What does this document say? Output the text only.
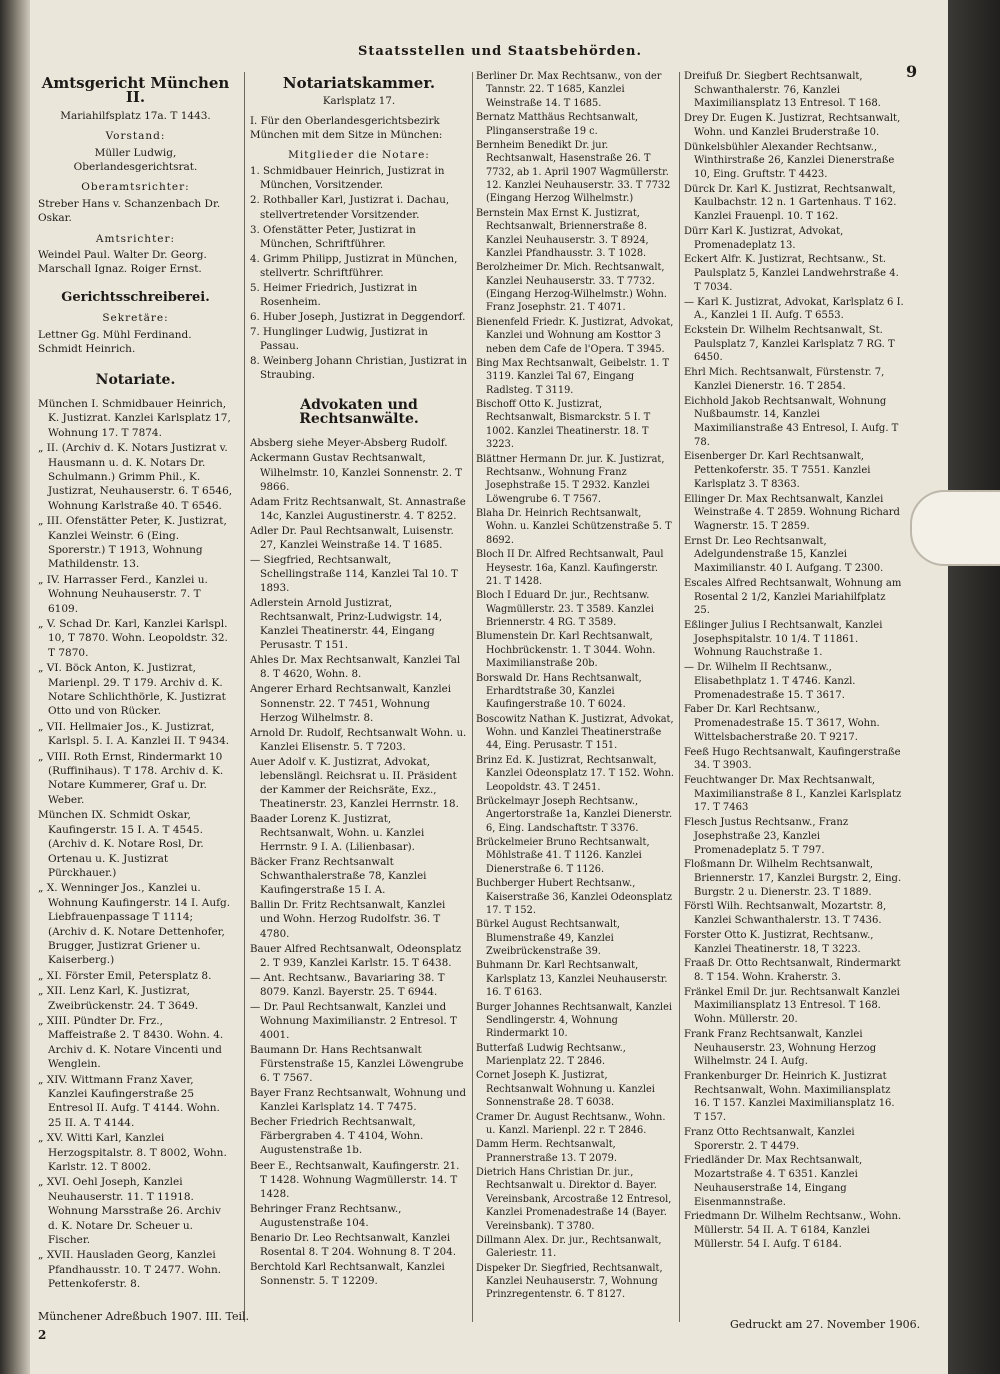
Staatsstellen und Staatsbehörden.
9
Amtsgericht München II.
Mariahilfsplatz 17a. T 1443.
Vorstand:
Müller Ludwig, Oberlandesgerichtsrat.
Oberamtsrichter:
Streber Hans v. Schanzenbach Dr. Oskar.
Amtsrichter:
Weindel Paul. Walter Dr. Georg. Marschall Ignaz. Roiger Ernst.
Gerichtsschreiberei.
Sekretäre:
Lettner Gg. Mühl Ferdinand. Schmidt Heinrich.
Notariate.
München I. Schmidbauer Heinrich, K. Justizrat. Kanzlei Karlsplatz 17, Wohnung 17. T 7874.
„ II. (Archiv d. K. Notars Justizrat v. Hausmann u. d. K. Notars Dr. Schulmann.) Grimm Phil., K. Justizrat, Neuhauserstr. 6. T 6546, Wohnung Karlstraße 40. T 6546.
„ III. Ofenstätter Peter, K. Justizrat, Kanzlei Weinstr. 6 (Eing. Sporerstr.) T 1913, Wohnung Mathildenstr. 13.
„ IV. Harrasser Ferd., Kanzlei u. Wohnung Neuhauserstr. 7. T 6109.
„ V. Schad Dr. Karl, Kanzlei Karlspl. 10, T 7870. Wohn. Leopoldstr. 32. T 7870.
„ VI. Böck Anton, K. Justizrat, Marienpl. 29. T 179. Archiv d. K. Notare Schlichthörle, K. Justizrat Otto und von Rücker.
„ VII. Hellmaier Jos., K. Justizrat, Karlspl. 5. I. A. Kanzlei II. T 9434.
„ VIII. Roth Ernst, Rindermarkt 10 (Ruffinihaus). T 178. Archiv d. K. Notare Kummerer, Graf u. Dr. Weber.
München IX. Schmidt Oskar, Kaufingerstr. 15 I. A. T 4545. (Archiv d. K. Notare Rosl, Dr. Ortenau u. K. Justizrat Pürckhauer.)
„ X. Wenninger Jos., Kanzlei u. Wohnung Kaufingerstr. 14 I. Aufg. Liebfrauenpassage T 1114; (Archiv d. K. Notare Dettenhofer, Brugger, Justizrat Griener u. Kaiserberg.)
„ XI. Förster Emil, Petersplatz 8.
„ XII. Lenz Karl, K. Justizrat, Zweibrückenstr. 24. T 3649.
„ XIII. Pündter Dr. Frz., Maffeistraße 2. T 8430. Wohn. 4. Archiv d. K. Notare Vincenti und Wenglein.
„ XIV. Wittmann Franz Xaver, Kanzlei Kaufingerstraße 25 Entresol II. Aufg. T 4144. Wohn. 25 II. A. T 4144.
„ XV. Witti Karl, Kanzlei Herzogspitalstr. 8. T 8002, Wohn. Karlstr. 12. T 8002.
„ XVI. Oehl Joseph, Kanzlei Neuhauserstr. 11. T 11918. Wohnung Marsstraße 26. Archiv d. K. Notare Dr. Scheuer u. Fischer.
„ XVII. Hausladen Georg, Kanzlei Pfandhausstr. 10. T 2477. Wohn. Pettenkoferstr. 8.
Notariatskammer.
Karlsplatz 17.
I. Für den Oberlandesgerichtsbezirk München mit dem Sitze in München:
Mitglieder die Notare:
1. Schmidbauer Heinrich, Justizrat in München, Vorsitzender.
2. Rothballer Karl, Justizrat i. Dachau, stellvertretender Vorsitzender.
3. Ofenstätter Peter, Justizrat in München, Schriftführer.
4. Grimm Philipp, Justizrat in München, stellvertr. Schriftführer.
5. Heimer Friedrich, Justizrat in Rosenheim.
6. Huber Joseph, Justizrat in Deggendorf.
7. Hunglinger Ludwig, Justizrat in Passau.
8. Weinberg Johann Christian, Justizrat in Straubing.
Advokaten und Rechtsanwälte.
Absberg siehe Meyer-Absberg Rudolf.
Ackermann Gustav Rechtsanwalt, Wilhelmstr. 10, Kanzlei Sonnenstr. 2. T 9866.
Adam Fritz Rechtsanwalt, St. Annastraße 14c, Kanzlei Augustinerstr. 4. T 8252.
Adler Dr. Paul Rechtsanwalt, Luisenstr. 27, Kanzlei Weinstraße 14. T 1685.
— Siegfried, Rechtsanwalt, Schellingstraße 114, Kanzlei Tal 10. T 1893.
Adlerstein Arnold Justizrat, Rechtsanwalt, Prinz-Ludwigstr. 14, Kanzlei Theatinerstr. 44, Eingang Perusastr. T 151.
Ahles Dr. Max Rechtsanwalt, Kanzlei Tal 8. T 4620, Wohn. 8.
Angerer Erhard Rechtsanwalt, Kanzlei Sonnenstr. 22. T 7451, Wohnung Herzog Wilhelmstr. 8.
Arnold Dr. Rudolf, Rechtsanwalt Wohn. u. Kanzlei Elisenstr. 5. T 7203.
Auer Adolf v. K. Justizrat, Advokat, lebenslängl. Reichsrat u. II. Präsident der Kammer der Reichsräte, Exz., Theatinerstr. 23, Kanzlei Herrnstr. 18.
Baader Lorenz K. Justizrat, Rechtsanwalt, Wohn. u. Kanzlei Herrnstr. 9 I. A. (Lilienbasar).
Bäcker Franz Rechtsanwalt Schwanthalerstraße 78, Kanzlei Kaufingerstraße 15 I. A.
Ballin Dr. Fritz Rechtsanwalt, Kanzlei und Wohn. Herzog Rudolfstr. 36. T 4780.
Bauer Alfred Rechtsanwalt, Odeonsplatz 2. T 939, Kanzlei Karlstr. 15. T 6438.
— Ant. Rechtsanw., Bavariaring 38. T 8079. Kanzl. Bayerstr. 25. T 6944.
— Dr. Paul Rechtsanwalt, Kanzlei und Wohnung Maximilianstr. 2 Entresol. T 4001.
Baumann Dr. Hans Rechtsanwalt Fürstenstraße 15, Kanzlei Löwengrube 6. T 7567.
Bayer Franz Rechtsanwalt, Wohnung und Kanzlei Karlsplatz 14. T 7475.
Becher Friedrich Rechtsanwalt, Färbergraben 4. T 4104, Wohn. Augustenstraße 1b.
Beer E., Rechtsanwalt, Kaufingerstr. 21. T 1428. Wohnung Wagmüllerstr. 14. T 1428.
Behringer Franz Rechtsanw., Augustenstraße 104.
Benario Dr. Leo Rechtsanwalt, Kanzlei Rosental 8. T 204. Wohnung 8. T 204.
Berchtold Karl Rechtsanwalt, Kanzlei Sonnenstr. 5. T 12209.
Berliner Dr. Max Rechtsanw., von der Tannstr. 22. T 1685, Kanzlei Weinstraße 14. T 1685.
Bernatz Matthäus Rechtsanwalt, Plinganserstraße 19 c.
Bernheim Benedikt Dr. jur. Rechtsanwalt, Hasenstraße 26. T 7732, ab 1. April 1907 Wagmüllerstr. 12. Kanzlei Neuhauserstr. 33. T 7732 (Eingang Herzog Wilhelmstr.)
Bernstein Max Ernst K. Justizrat, Rechtsanwalt, Briennerstraße 8. Kanzlei Neuhauserstr. 3. T 8924, Kanzlei Pfandhausstr. 3. T 1028.
Berolzheimer Dr. Mich. Rechtsanwalt, Kanzlei Neuhauserstr. 33. T 7732. (Eingang Herzog-Wilhelmstr.) Wohn. Franz Josephstr. 21. T 4071.
Bienenfeld Friedr. K. Justizrat, Advokat, Kanzlei und Wohnung am Kosttor 3 neben dem Cafe de l'Opera. T 3945.
Bing Max Rechtsanwalt, Geibelstr. 1. T 3119. Kanzlei Tal 67, Eingang Radlsteg. T 3119.
Bischoff Otto K. Justizrat, Rechtsanwalt, Bismarckstr. 5 I. T 1002. Kanzlei Theatinerstr. 18. T 3223.
Blättner Hermann Dr. jur. K. Justizrat, Rechtsanw., Wohnung Franz Josephstraße 15. T 2932. Kanzlei Löwengrube 6. T 7567.
Blaha Dr. Heinrich Rechtsanwalt, Wohn. u. Kanzlei Schützenstraße 5. T 8692.
Bloch II Dr. Alfred Rechtsanwalt, Paul Heysestr. 16a, Kanzl. Kaufingerstr. 21. T 1428.
Bloch I Eduard Dr. jur., Rechtsanw. Wagmüllerstr. 23. T 3589. Kanzlei Briennerstr. 4 RG. T 3589.
Blumenstein Dr. Karl Rechtsanwalt, Hochbrückenstr. 1. T 3044. Wohn. Maximilianstraße 20b.
Borswald Dr. Hans Rechtsanwalt, Erhardtstraße 30, Kanzlei Kaufingerstraße 10. T 6024.
Boscowitz Nathan K. Justizrat, Advokat, Wohn. und Kanzlei Theatinerstraße 44, Eing. Perusastr. T 151.
Brinz Ed. K. Justizrat, Rechtsanwalt, Kanzlei Odeonsplatz 17. T 152. Wohn. Leopoldstr. 43. T 2451.
Brückelmayr Joseph Rechtsanw., Angertorstraße 1a, Kanzlei Dienerstr. 6, Eing. Landschaftstr. T 3376.
Brückelmeier Bruno Rechtsanwalt, Möhlstraße 41. T 1126. Kanzlei Dienerstraße 6. T 1126.
Buchberger Hubert Rechtsanw., Kaiserstraße 36, Kanzlei Odeonsplatz 17. T 152.
Bürkel August Rechtsanwalt, Blumenstraße 49, Kanzlei Zweibrückenstraße 39.
Buhmann Dr. Karl Rechtsanwalt, Karlsplatz 13, Kanzlei Neuhauserstr. 16. T 6163.
Burger Johannes Rechtsanwalt, Kanzlei Sendlingerstr. 4, Wohnung Rindermarkt 10.
Butterfaß Ludwig Rechtsanw., Marienplatz 22. T 2846.
Cornet Joseph K. Justizrat, Rechtsanwalt Wohnung u. Kanzlei Sonnenstraße 28. T 6038.
Cramer Dr. August Rechtsanw., Wohn. u. Kanzl. Marienpl. 22 r. T 2846.
Damm Herm. Rechtsanwalt, Prannerstraße 13. T 2079.
Dietrich Hans Christian Dr. jur., Rechtsanwalt u. Direktor d. Bayer. Vereinsbank, Arcostraße 12 Entresol, Kanzlei Promenadestraße 14 (Bayer. Vereinsbank). T 3780.
Dillmann Alex. Dr. jur., Rechtsanwalt, Galeriestr. 11.
Dispeker Dr. Siegfried, Rechtsanwalt, Kanzlei Neuhauserstr. 7, Wohnung Prinzregentenstr. 6. T 8127.
Dreifuß Dr. Siegbert Rechtsanwalt, Schwanthalerstr. 76, Kanzlei Maximiliansplatz 13 Entresol. T 168.
Drey Dr. Eugen K. Justizrat, Rechtsanwalt, Wohn. und Kanzlei Bruderstraße 10.
Dünkelsbühler Alexander Rechtsanw., Winthirstraße 26, Kanzlei Dienerstraße 10, Eing. Gruftstr. T 4423.
Dürck Dr. Karl K. Justizrat, Rechtsanwalt, Kaulbachstr. 12 n. 1 Gartenhaus. T 162. Kanzlei Frauenpl. 10. T 162.
Dürr Karl K. Justizrat, Advokat, Promenadeplatz 13.
Eckert Alfr. K. Justizrat, Rechtsanw., St. Paulsplatz 5, Kanzlei Landwehrstraße 4. T 7034.
— Karl K. Justizrat, Advokat, Karlsplatz 6 I. A., Kanzlei 1 II. Aufg. T 6553.
Eckstein Dr. Wilhelm Rechtsanwalt, St. Paulsplatz 7, Kanzlei Karlsplatz 7 RG. T 6450.
Ehrl Mich. Rechtsanwalt, Fürstenstr. 7, Kanzlei Dienerstr. 16. T 2854.
Eichhold Jakob Rechtsanwalt, Wohnung Nußbaumstr. 14, Kanzlei Maximilianstraße 43 Entresol, I. Aufg. T 78.
Eisenberger Dr. Karl Rechtsanwalt, Pettenkoferstr. 35. T 7551. Kanzlei Karlsplatz 3. T 8363.
Ellinger Dr. Max Rechtsanwalt, Kanzlei Weinstraße 4. T 2859. Wohnung Richard Wagnerstr. 15. T 2859.
Ernst Dr. Leo Rechtsanwalt, Adelgundenstraße 15, Kanzlei Maximilianstr. 40 I. Aufgang. T 2300.
Escales Alfred Rechtsanwalt, Wohnung am Rosental 2 1/2, Kanzlei Mariahilfplatz 25.
Eßlinger Julius I Rechtsanwalt, Kanzlei Josephspitalstr. 10 1/4. T 11861. Wohnung Rauchstraße 1.
— Dr. Wilhelm II Rechtsanw., Elisabethplatz 1. T 4746. Kanzl. Promenadestraße 15. T 3617.
Faber Dr. Karl Rechtsanw., Promenadestraße 15. T 3617, Wohn. Wittelsbacherstraße 20. T 9217.
Feeß Hugo Rechtsanwalt, Kaufingerstraße 34. T 3903.
Feuchtwanger Dr. Max Rechtsanwalt, Maximilianstraße 8 I., Kanzlei Karlsplatz 17. T 7463
Flesch Justus Rechtsanw., Franz Josephstraße 23, Kanzlei Promenadeplatz 5. T 797.
Floßmann Dr. Wilhelm Rechtsanwalt, Briennerstr. 17, Kanzlei Burgstr. 2, Eing. Burgstr. 2 u. Dienerstr. 23. T 1889.
Förstl Wilh. Rechtsanwalt, Mozartstr. 8, Kanzlei Schwanthalerstr. 13. T 7436.
Forster Otto K. Justizrat, Rechtsanw., Kanzlei Theatinerstr. 18, T 3223.
Fraaß Dr. Otto Rechtsanwalt, Rindermarkt 8. T 154. Wohn. Kraherstr. 3.
Fränkel Emil Dr. jur. Rechtsanwalt Kanzlei Maximiliansplatz 13 Entresol. T 168. Wohn. Müllerstr. 20.
Frank Franz Rechtsanwalt, Kanzlei Neuhauserstr. 23, Wohnung Herzog Wilhelmstr. 24 I. Aufg.
Frankenburger Dr. Heinrich K. Justizrat Rechtsanwalt, Wohn. Maximiliansplatz 16. T 157. Kanzlei Maximiliansplatz 16. T 157.
Franz Otto Rechtsanwalt, Kanzlei Sporerstr. 2. T 4479.
Friedländer Dr. Max Rechtsanwalt, Mozartstraße 4. T 6351. Kanzlei Neuhauserstraße 14, Eingang Eisenmannstraße.
Friedmann Dr. Wilhelm Rechtsanw., Wohn. Müllerstr. 54 II. A. T 6184, Kanzlei Müllerstr. 54 I. Aufg. T 6184.
Münchener Adreßbuch 1907. III. Teil.
2
Gedruckt am 27. November 1906.
